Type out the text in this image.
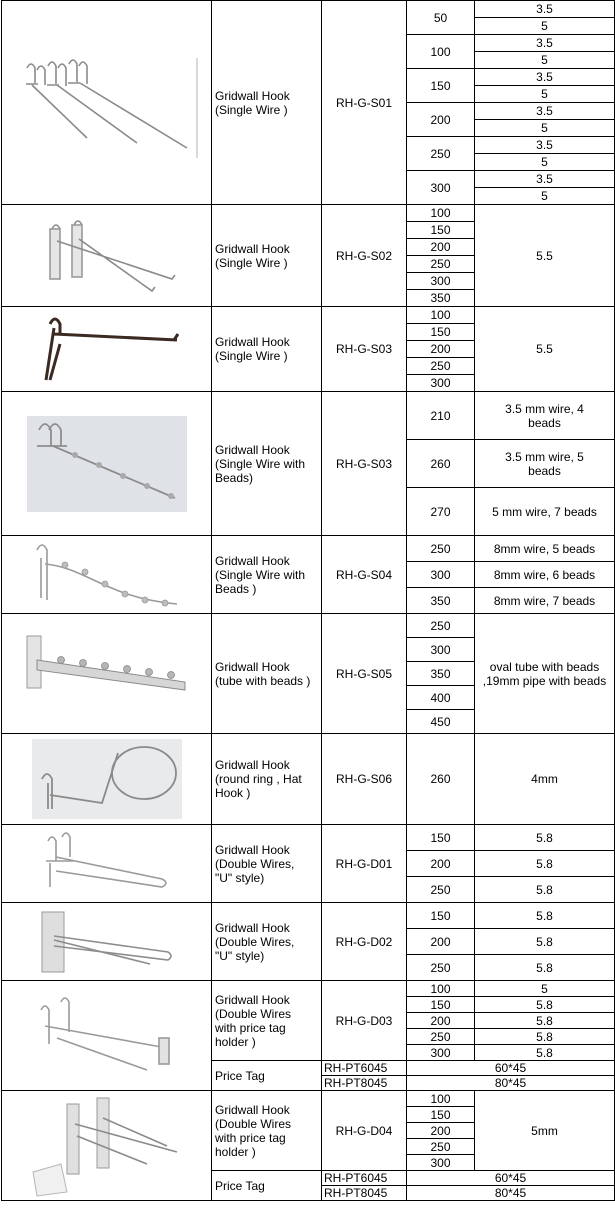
	Gridwall Hook
(Single Wire )	RH-G-S01	50	3.5
				5
			100	3.5
				5
			150	3.5
				5
			200	3.5
				5
			250	3.5
				5
			300	3.5
				5

	Gridwall Hook
(Single Wire )	RH-G-S02	100	5.5
			150	
			200	
			250	
			300	
			350	

	Gridwall Hook
(Single Wire )	RH-G-S03	100	5.5
			150	
			200	
			250	
			300	

	Gridwall Hook
(Single Wire with
Beads)	RH-G-S03	210	3.5 mm wire, 4
beads
			260	3.5 mm wire, 5
beads
			270	5 mm wire, 7 beads

	Gridwall Hook
(Single Wire with
Beads )	RH-G-S04	250	8mm wire, 5 beads
			300	8mm wire, 6 beads
			350	8mm wire, 7 beads

	Gridwall Hook
(tube with beads )	RH-G-S05	250	oval tube with beads
,19mm pipe with beads
			300	
			350	
			400	
			450	

	Gridwall Hook
(round ring , Hat
Hook )	RH-G-S06	260	4mm

	Gridwall Hook
(Double Wires,
"U" style)	RH-G-D01	150	5.8
			200	5.8
			250	5.8

	Gridwall Hook
(Double Wires,
"U" style)	RH-G-D02	150	5.8
			200	5.8
			250	5.8

	Gridwall Hook
(Double Wires
with price tag
holder )	RH-G-D03	100	5
			150	5.8
			200	5.8
			250	5.8
			300	5.8
	Price Tag	RH-PT6045	60*45	
		RH-PT8045	80*45	

	Gridwall Hook
(Double Wires
with price tag
holder )	RH-G-D04	100	5mm
			150	
			200	
			250	
			300	
	Price Tag	RH-PT6045	60*45	
		RH-PT8045	80*45	
